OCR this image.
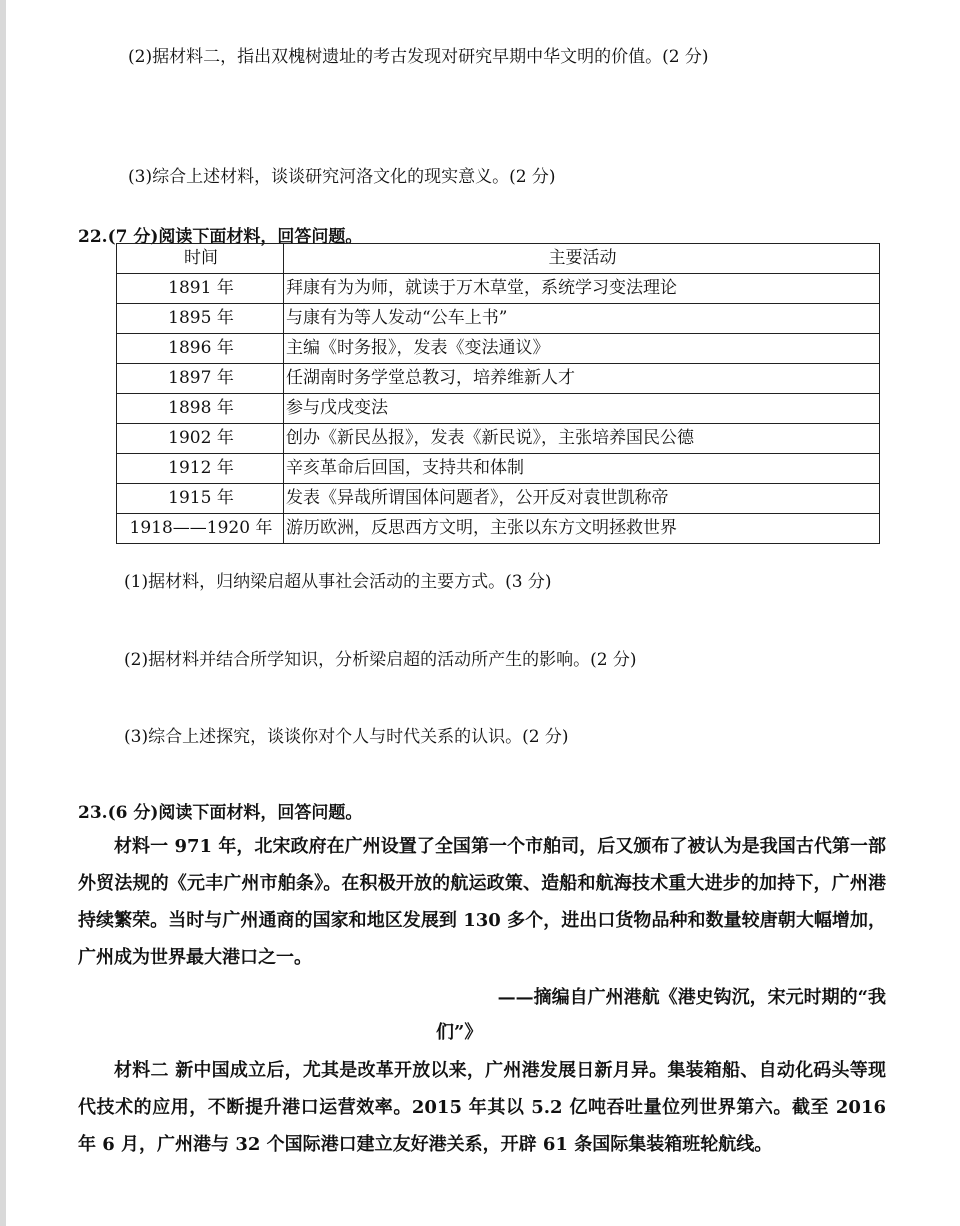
(2)据材料二，指出双槐树遗址的考古发现对研究早期中华文明的价值。(2 分)
(3)综合上述材料，谈谈研究河洛文化的现实意义。(2 分)
22.(7 分)阅读下面材料，回答问题。
时间	主要活动
1891 年	拜康有为为师，就读于万木草堂，系统学习变法理论
1895 年	与康有为等人发动“公车上书”
1896 年	主编《时务报》，发表《变法通议》
1897 年	任湖南时务学堂总教习，培养维新人才
1898 年	参与戊戌变法
1902 年	创办《新民丛报》，发表《新民说》，主张培养国民公德
1912 年	辛亥革命后回国，支持共和体制
1915 年	发表《异哉所谓国体问题者》，公开反对袁世凯称帝
1918——1920 年	游历欧洲，反思西方文明，主张以东方文明拯救世界
(1)据材料，归纳梁启超从事社会活动的主要方式。(3 分)
(2)据材料并结合所学知识，分析梁启超的活动所产生的影响。(2 分)
(3)综合上述探究，谈谈你对个人与时代关系的认识。(2 分)
23.(6 分)阅读下面材料，回答问题。
材料一 971 年，北宋政府在广州设置了全国第一个市舶司，后又颁布了被认为是我国古代第一部外贸法规的《元丰广州市舶条》。在积极开放的航运政策、造船和航海技术重大进步的加持下，广州港持续繁荣。当时与广州通商的国家和地区发展到 130 多个，进出口货物品种和数量较唐朝大幅增加，广州成为世界最大港口之一。
——摘编自广州港航《港史钩沉，宋元时期的“我
们”》
材料二 新中国成立后，尤其是改革开放以来，广州港发展日新月异。集装箱船、自动化码头等现代技术的应用，不断提升港口运营效率。2015 年其以 5.2 亿吨吞吐量位列世界第六。截至 2016 年 6 月，广州港与 32 个国际港口建立友好港关系，开辟 61 条国际集装箱班轮航线。
